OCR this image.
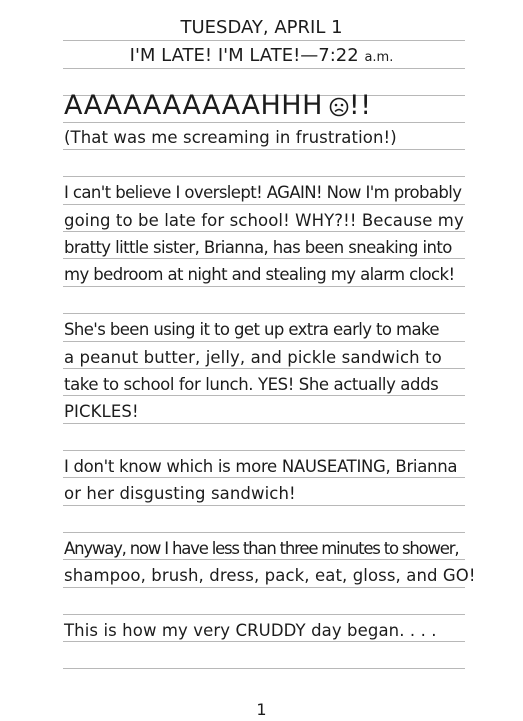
TUESDAY, APRIL 1
I'M LATE! I'M LATE!—7:22 a.m.
AAAAAAAAAAHHH !!
(That was me screaming in frustration!)
I can't believe I overslept! AGAIN! Now I'm probably
going to be late for school! WHY?!! Because my
bratty little sister, Brianna, has been sneaking into
my bedroom at night and stealing my alarm clock!
She's been using it to get up extra early to make
a peanut butter, jelly, and pickle sandwich to
take to school for lunch. YES! She actually adds
PICKLES!
I don't know which is more NAUSEATING, Brianna
or her disgusting sandwich!
Anyway, now I have less than three minutes to shower,
shampoo, brush, dress, pack, eat, gloss, and GO!
This is how my very CRUDDY day began. . . .
1
